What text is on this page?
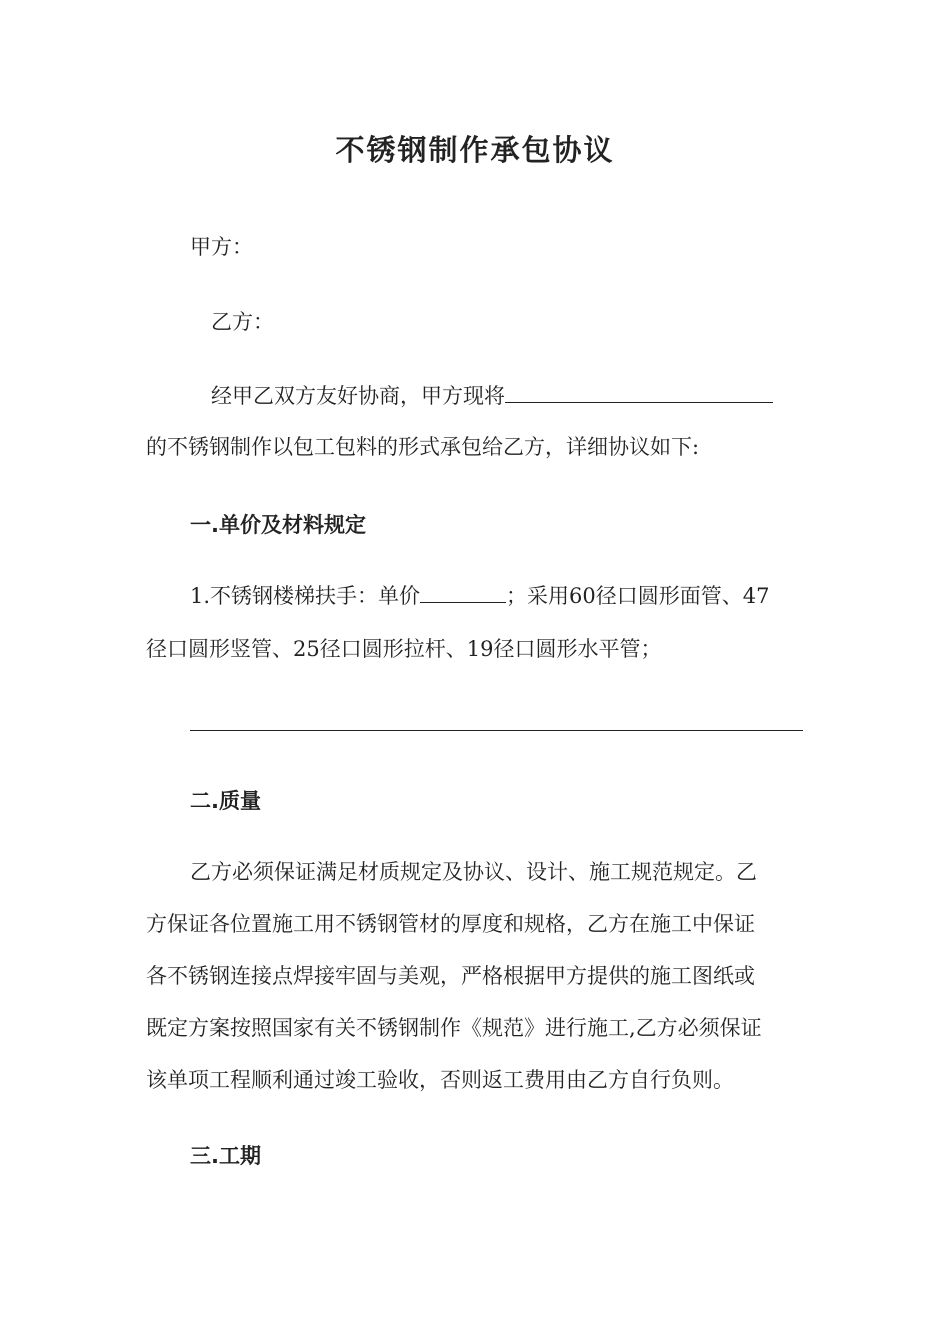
不锈钢制作承包协议
甲方：
乙方：
经甲乙双方友好协商，甲方现将
的不锈钢制作以包工包料的形式承包给乙方，详细协议如下:
一.单价及材料规定
1.不锈钢楼梯扶手：单价	；采用60径口圆形面管、47
径口圆形竖管、25径口圆形拉杆、19径口圆形水平管；
二.质量
乙方必须保证满足材质规定及协议、设计、施工规范规定。乙
方保证各位置施工用不锈钢管材的厚度和规格，乙方在施工中保证
各不锈钢连接点焊接牢固与美观，严格根据甲方提供的施工图纸或
既定方案按照国家有关不锈钢制作《规范》进行施工,乙方必须保证
该单项工程顺利通过竣工验收，否则返工费用由乙方自行负则。
三.工期
